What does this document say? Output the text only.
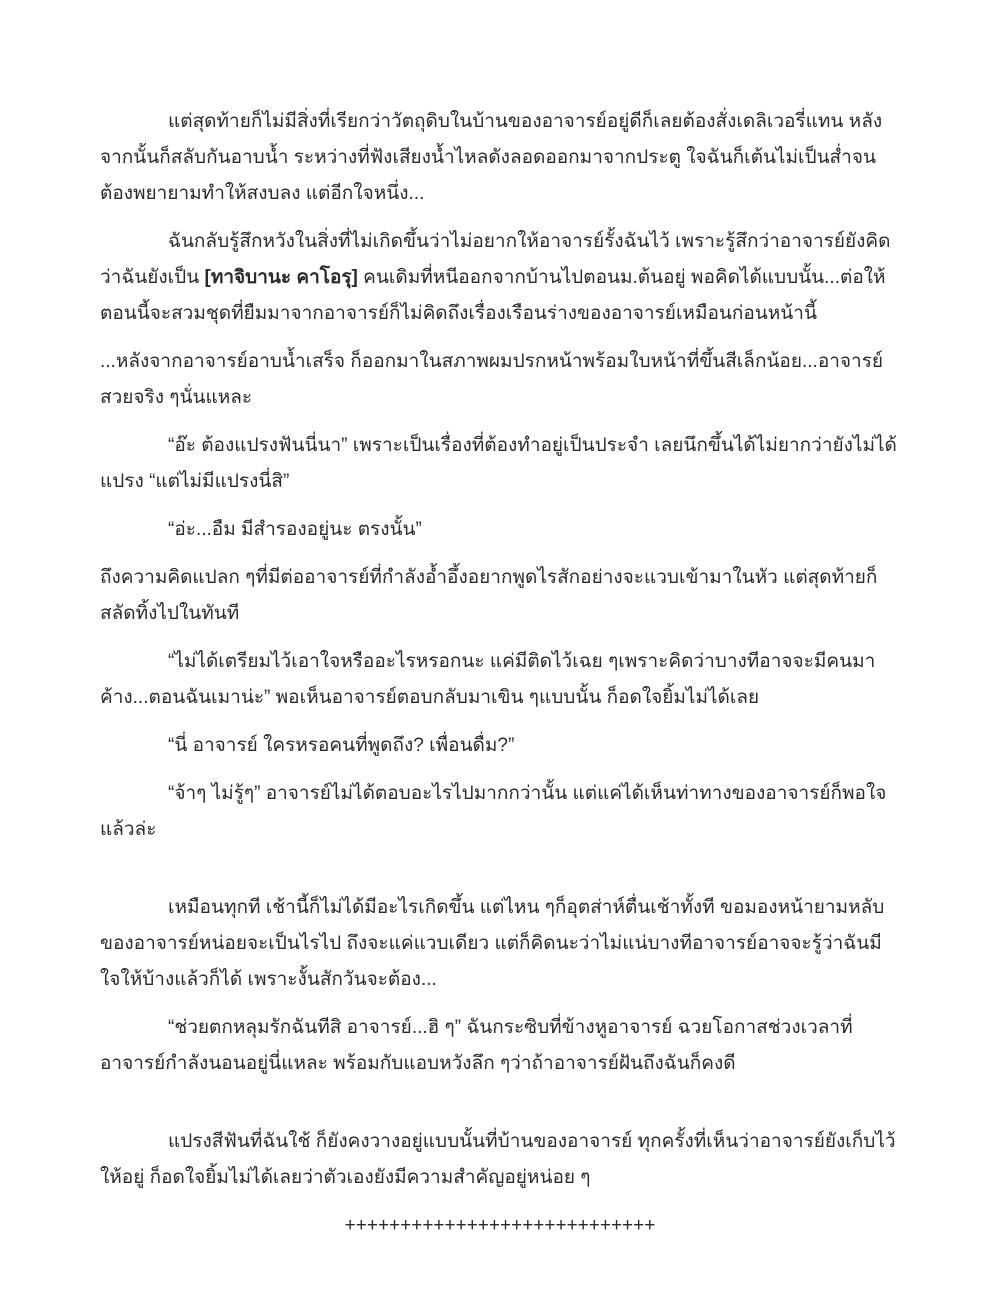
แต่สุดท้ายก็ไม่มีสิ่งที่เรียกว่าวัตถุดิบในบ้านของอาจารย์อยู่ดีก็เลยต้องสั่งเดลิเวอรี่แทน หลังจากนั้นก็สลับกันอาบน้ำ ระหว่างที่ฟังเสียงน้ำไหลดังลอดออกมาจากประตู ใจฉันก็เต้นไม่เป็นส่ำจนต้องพยายามทำให้สงบลง แต่อีกใจหนึ่ง...

ฉันกลับรู้สึกหวังในสิ่งที่ไม่เกิดขึ้นว่าไม่อยากให้อาจารย์รั้งฉันไว้ เพราะรู้สึกว่าอาจารย์ยังคิดว่าฉันยังเป็น [ทาจิบานะ คาโอรุ] คนเดิมที่หนีออกจากบ้านไปตอนม.ต้นอยู่ พอคิดได้แบบนั้น...ต่อให้ตอนนี้จะสวมชุดที่ยืมมาจากอาจารย์ก็ไม่คิดถึงเรื่องเรือนร่างของอาจารย์เหมือนก่อนหน้านี้

...หลังจากอาจารย์อาบน้ำเสร็จ ก็ออกมาในสภาพผมปรกหน้าพร้อมใบหน้าที่ขึ้นสีเล็กน้อย...อาจารย์สวยจริง ๆนั่นแหละ

“อ๊ะ ต้องแปรงฟันนี่นา” เพราะเป็นเรื่องที่ต้องทำอยู่เป็นประจำ เลยนึกขึ้นได้ไม่ยากว่ายังไม่ได้แปรง “แต่ไม่มีแปรงนี่สิ”

“อ่ะ...อืม มีสำรองอยู่นะ ตรงนั้น”

ถึงความคิดแปลก ๆที่มีต่ออาจารย์ที่กำลังอ้ำอึ้งอยากพูดไรสักอย่างจะแวบเข้ามาในหัว แต่สุดท้ายก็สลัดทิ้งไปในทันที

“ไม่ได้เตรียมไว้เอาใจหรืออะไรหรอกนะ แค่มีติดไว้เฉย ๆเพราะคิดว่าบางทีอาจจะมีคนมาค้าง...ตอนฉันเมาน่ะ” พอเห็นอาจารย์ตอบกลับมาเขิน ๆแบบนั้น ก็อดใจยิ้มไม่ได้เลย

“นี่ อาจารย์ ใครหรอคนที่พูดถึง? เพื่อนดื่ม?”

“จ้าๆ ไม่รู้ๆ” อาจารย์ไม่ได้ตอบอะไรไปมากกว่านั้น แต่แค่ได้เห็นท่าทางของอาจารย์ก็พอใจแล้วล่ะ

เหมือนทุกที เช้านี้ก็ไม่ได้มีอะไรเกิดขึ้น แต่ไหน ๆก็อุตส่าห์ตื่นเช้าทั้งที ขอมองหน้ายามหลับของอาจารย์หน่อยจะเป็นไรไป ถึงจะแค่แวบเดียว แต่ก็คิดนะว่าไม่แน่บางทีอาจารย์อาจจะรู้ว่าฉันมีใจให้บ้างแล้วก็ได้ เพราะงั้นสักวันจะต้อง...

“ช่วยตกหลุมรักฉันทีสิ อาจารย์...ฮิ ๆ” ฉันกระซิบที่ข้างหูอาจารย์ ฉวยโอกาสช่วงเวลาที่อาจารย์กำลังนอนอยู่นี่แหละ พร้อมกับแอบหวังลึก ๆว่าถ้าอาจารย์ฝันถึงฉันก็คงดี

แปรงสีฟันที่ฉันใช้ ก็ยังคงวางอยู่แบบนั้นที่บ้านของอาจารย์ ทุกครั้งที่เห็นว่าอาจารย์ยังเก็บไว้ให้อยู่ ก็อดใจยิ้มไม่ได้เลยว่าตัวเองยังมีความสำคัญอยู่หน่อย ๆ

++++++++++++++++++++++++++++
